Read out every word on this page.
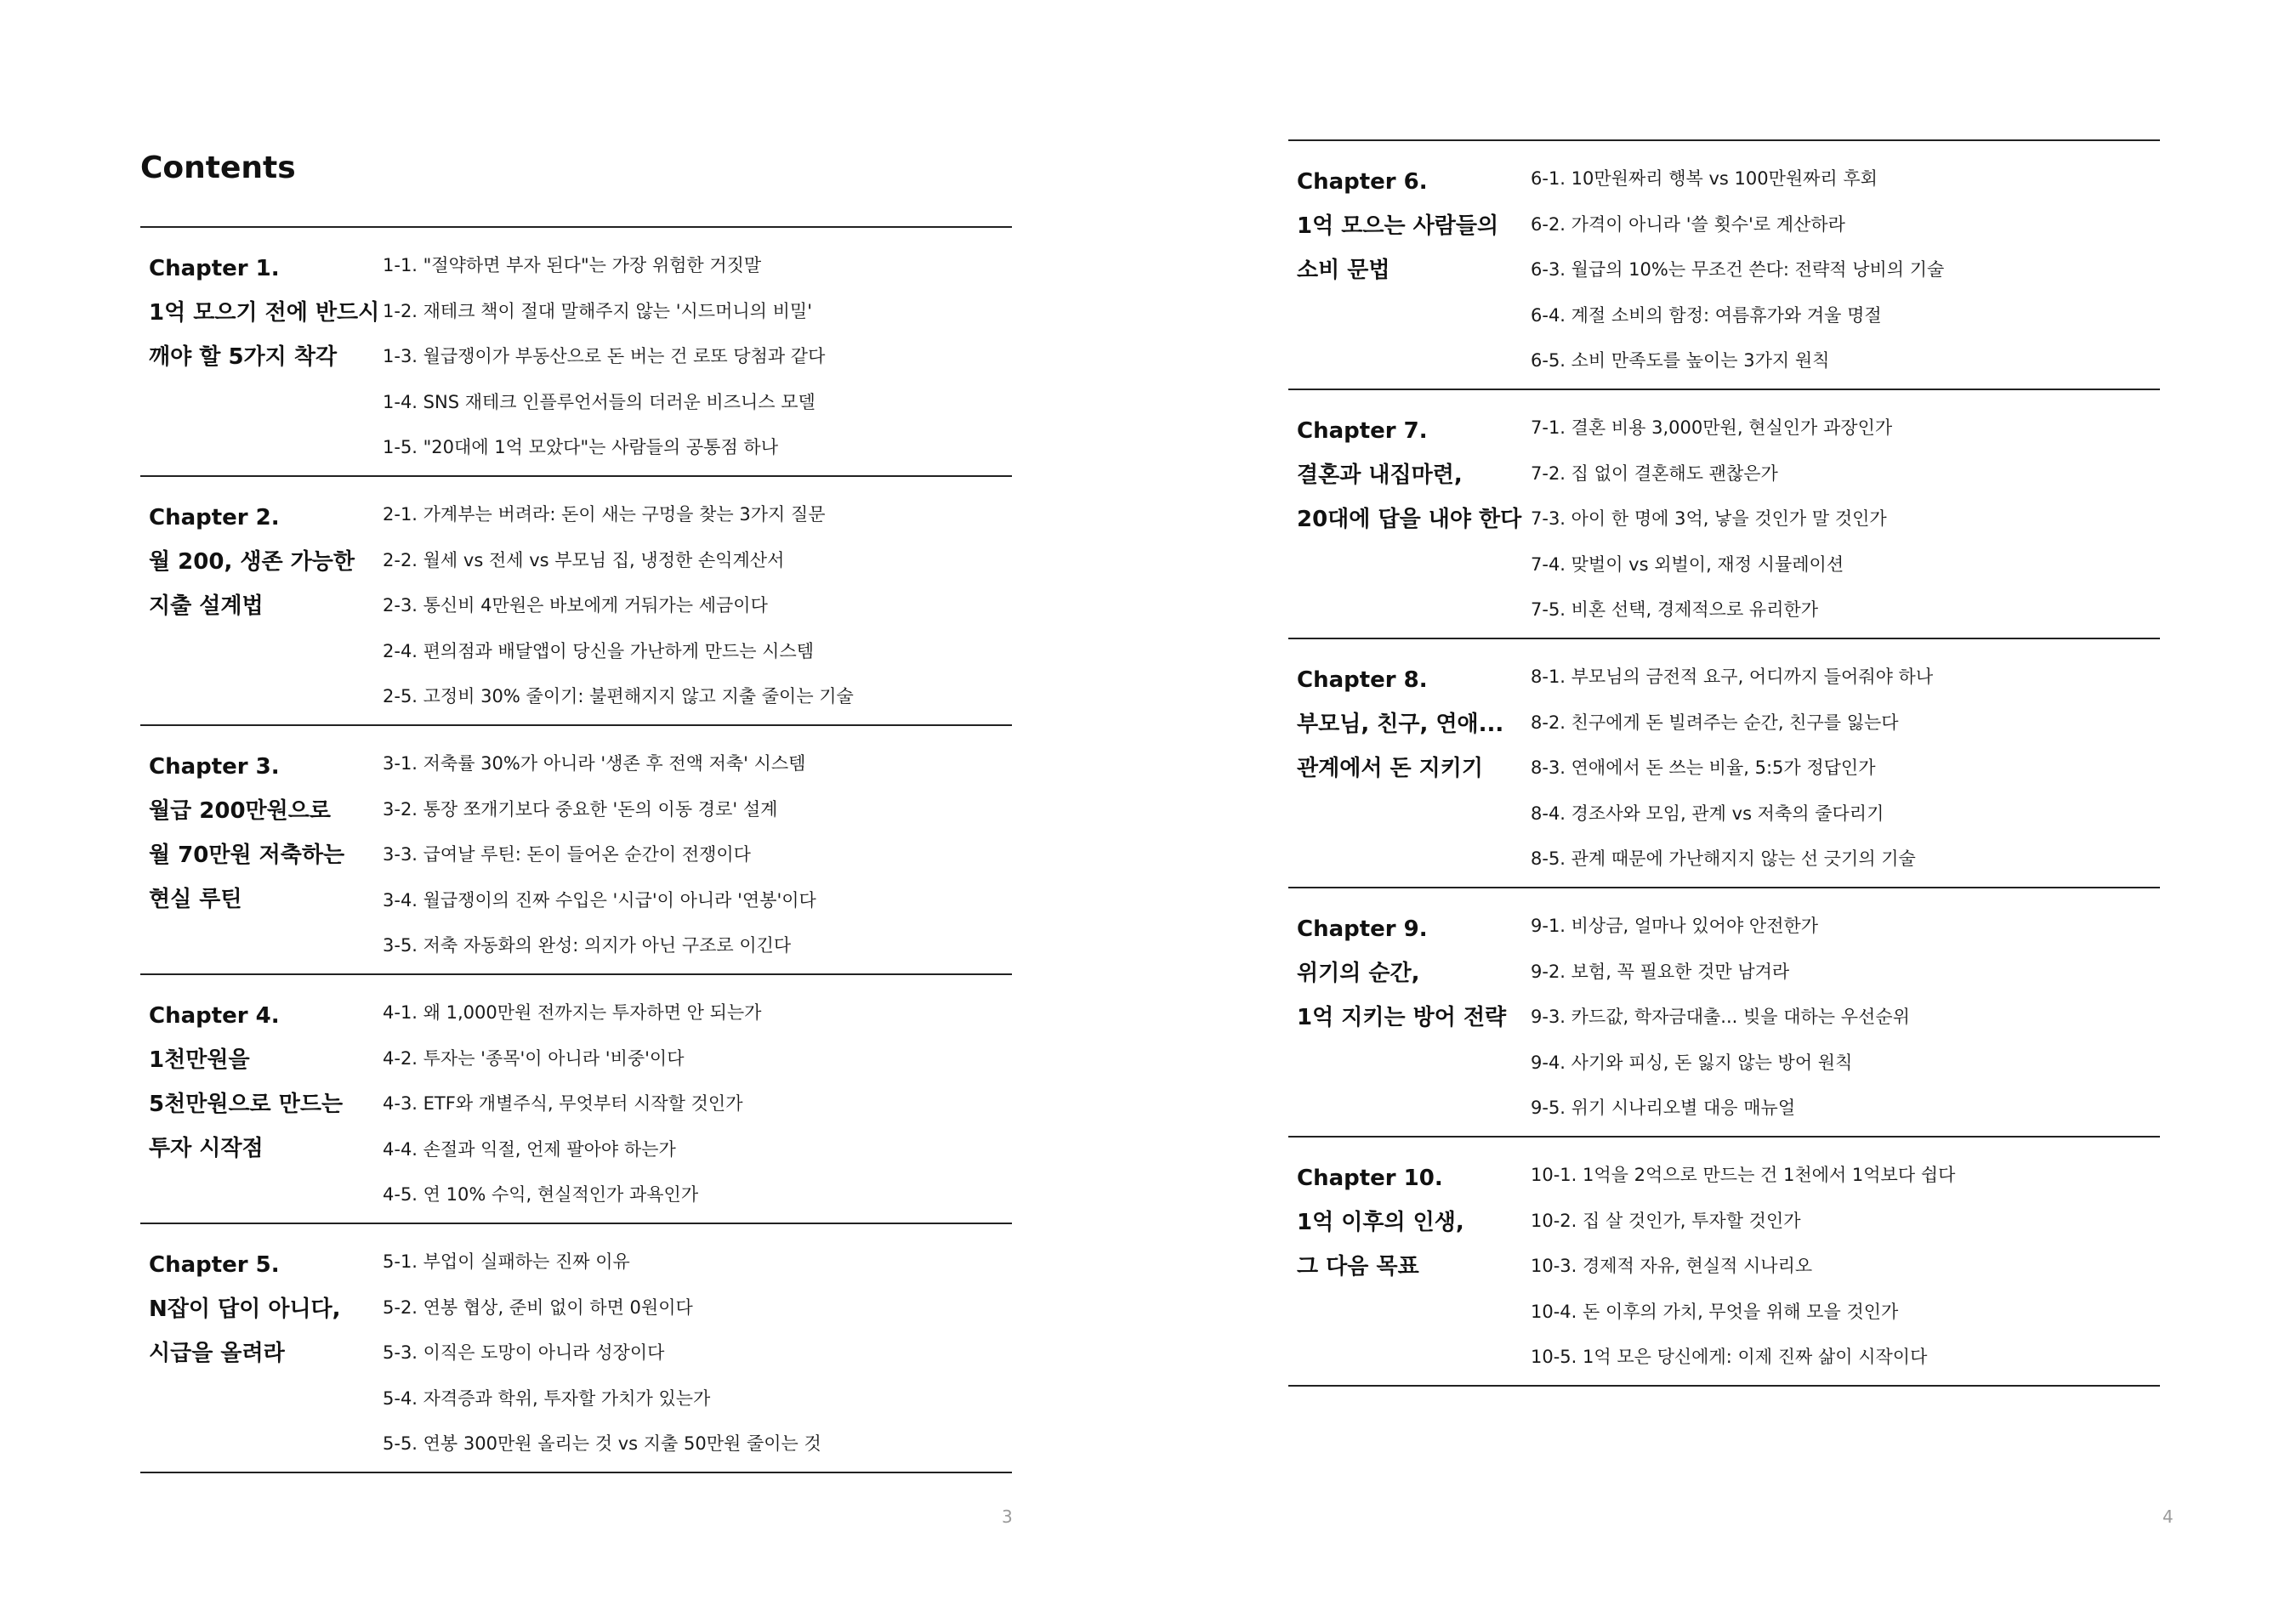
Contents
Chapter 1.
1억 모으기 전에 반드시
깨야 할 5가지 착각
1-1. "절약하면 부자 된다"는 가장 위험한 거짓말
1-2. 재테크 책이 절대 말해주지 않는 '시드머니의 비밀'
1-3. 월급쟁이가 부동산으로 돈 버는 건 로또 당첨과 같다
1-4. SNS 재테크 인플루언서들의 더러운 비즈니스 모델
1-5. "20대에 1억 모았다"는 사람들의 공통점 하나
Chapter 2.
월 200, 생존 가능한
지출 설계법
2-1. 가계부는 버려라: 돈이 새는 구멍을 찾는 3가지 질문
2-2. 월세 vs 전세 vs 부모님 집, 냉정한 손익계산서
2-3. 통신비 4만원은 바보에게 거둬가는 세금이다
2-4. 편의점과 배달앱이 당신을 가난하게 만드는 시스템
2-5. 고정비 30% 줄이기: 불편해지지 않고 지출 줄이는 기술
Chapter 3.
월급 200만원으로
월 70만원 저축하는
현실 루틴
3-1. 저축률 30%가 아니라 '생존 후 전액 저축' 시스템
3-2. 통장 쪼개기보다 중요한 '돈의 이동 경로' 설계
3-3. 급여날 루틴: 돈이 들어온 순간이 전쟁이다
3-4. 월급쟁이의 진짜 수입은 '시급'이 아니라 '연봉'이다
3-5. 저축 자동화의 완성: 의지가 아닌 구조로 이긴다
Chapter 4.
1천만원을
5천만원으로 만드는
투자 시작점
4-1. 왜 1,000만원 전까지는 투자하면 안 되는가
4-2. 투자는 '종목'이 아니라 '비중'이다
4-3. ETF와 개별주식, 무엇부터 시작할 것인가
4-4. 손절과 익절, 언제 팔아야 하는가
4-5. 연 10% 수익, 현실적인가 과욕인가
Chapter 5.
N잡이 답이 아니다,
시급을 올려라
5-1. 부업이 실패하는 진짜 이유
5-2. 연봉 협상, 준비 없이 하면 0원이다
5-3. 이직은 도망이 아니라 성장이다
5-4. 자격증과 학위, 투자할 가치가 있는가
5-5. 연봉 300만원 올리는 것 vs 지출 50만원 줄이는 것
3
Chapter 6.
1억 모으는 사람들의
소비 문법
6-1. 10만원짜리 행복 vs 100만원짜리 후회
6-2. 가격이 아니라 '쓸 횟수'로 계산하라
6-3. 월급의 10%는 무조건 쓴다: 전략적 낭비의 기술
6-4. 계절 소비의 함정: 여름휴가와 겨울 명절
6-5. 소비 만족도를 높이는 3가지 원칙
Chapter 7.
결혼과 내집마련,
20대에 답을 내야 한다
7-1. 결혼 비용 3,000만원, 현실인가 과장인가
7-2. 집 없이 결혼해도 괜찮은가
7-3. 아이 한 명에 3억, 낳을 것인가 말 것인가
7-4. 맞벌이 vs 외벌이, 재정 시뮬레이션
7-5. 비혼 선택, 경제적으로 유리한가
Chapter 8.
부모님, 친구, 연애...
관계에서 돈 지키기
8-1. 부모님의 금전적 요구, 어디까지 들어줘야 하나
8-2. 친구에게 돈 빌려주는 순간, 친구를 잃는다
8-3. 연애에서 돈 쓰는 비율, 5:5가 정답인가
8-4. 경조사와 모임, 관계 vs 저축의 줄다리기
8-5. 관계 때문에 가난해지지 않는 선 긋기의 기술
Chapter 9.
위기의 순간,
1억 지키는 방어 전략
9-1. 비상금, 얼마나 있어야 안전한가
9-2. 보험, 꼭 필요한 것만 남겨라
9-3. 카드값, 학자금대출... 빚을 대하는 우선순위
9-4. 사기와 피싱, 돈 잃지 않는 방어 원칙
9-5. 위기 시나리오별 대응 매뉴얼
Chapter 10.
1억 이후의 인생,
그 다음 목표
10-1. 1억을 2억으로 만드는 건 1천에서 1억보다 쉽다
10-2. 집 살 것인가, 투자할 것인가
10-3. 경제적 자유, 현실적 시나리오
10-4. 돈 이후의 가치, 무엇을 위해 모을 것인가
10-5. 1억 모은 당신에게: 이제 진짜 삶이 시작이다
4
